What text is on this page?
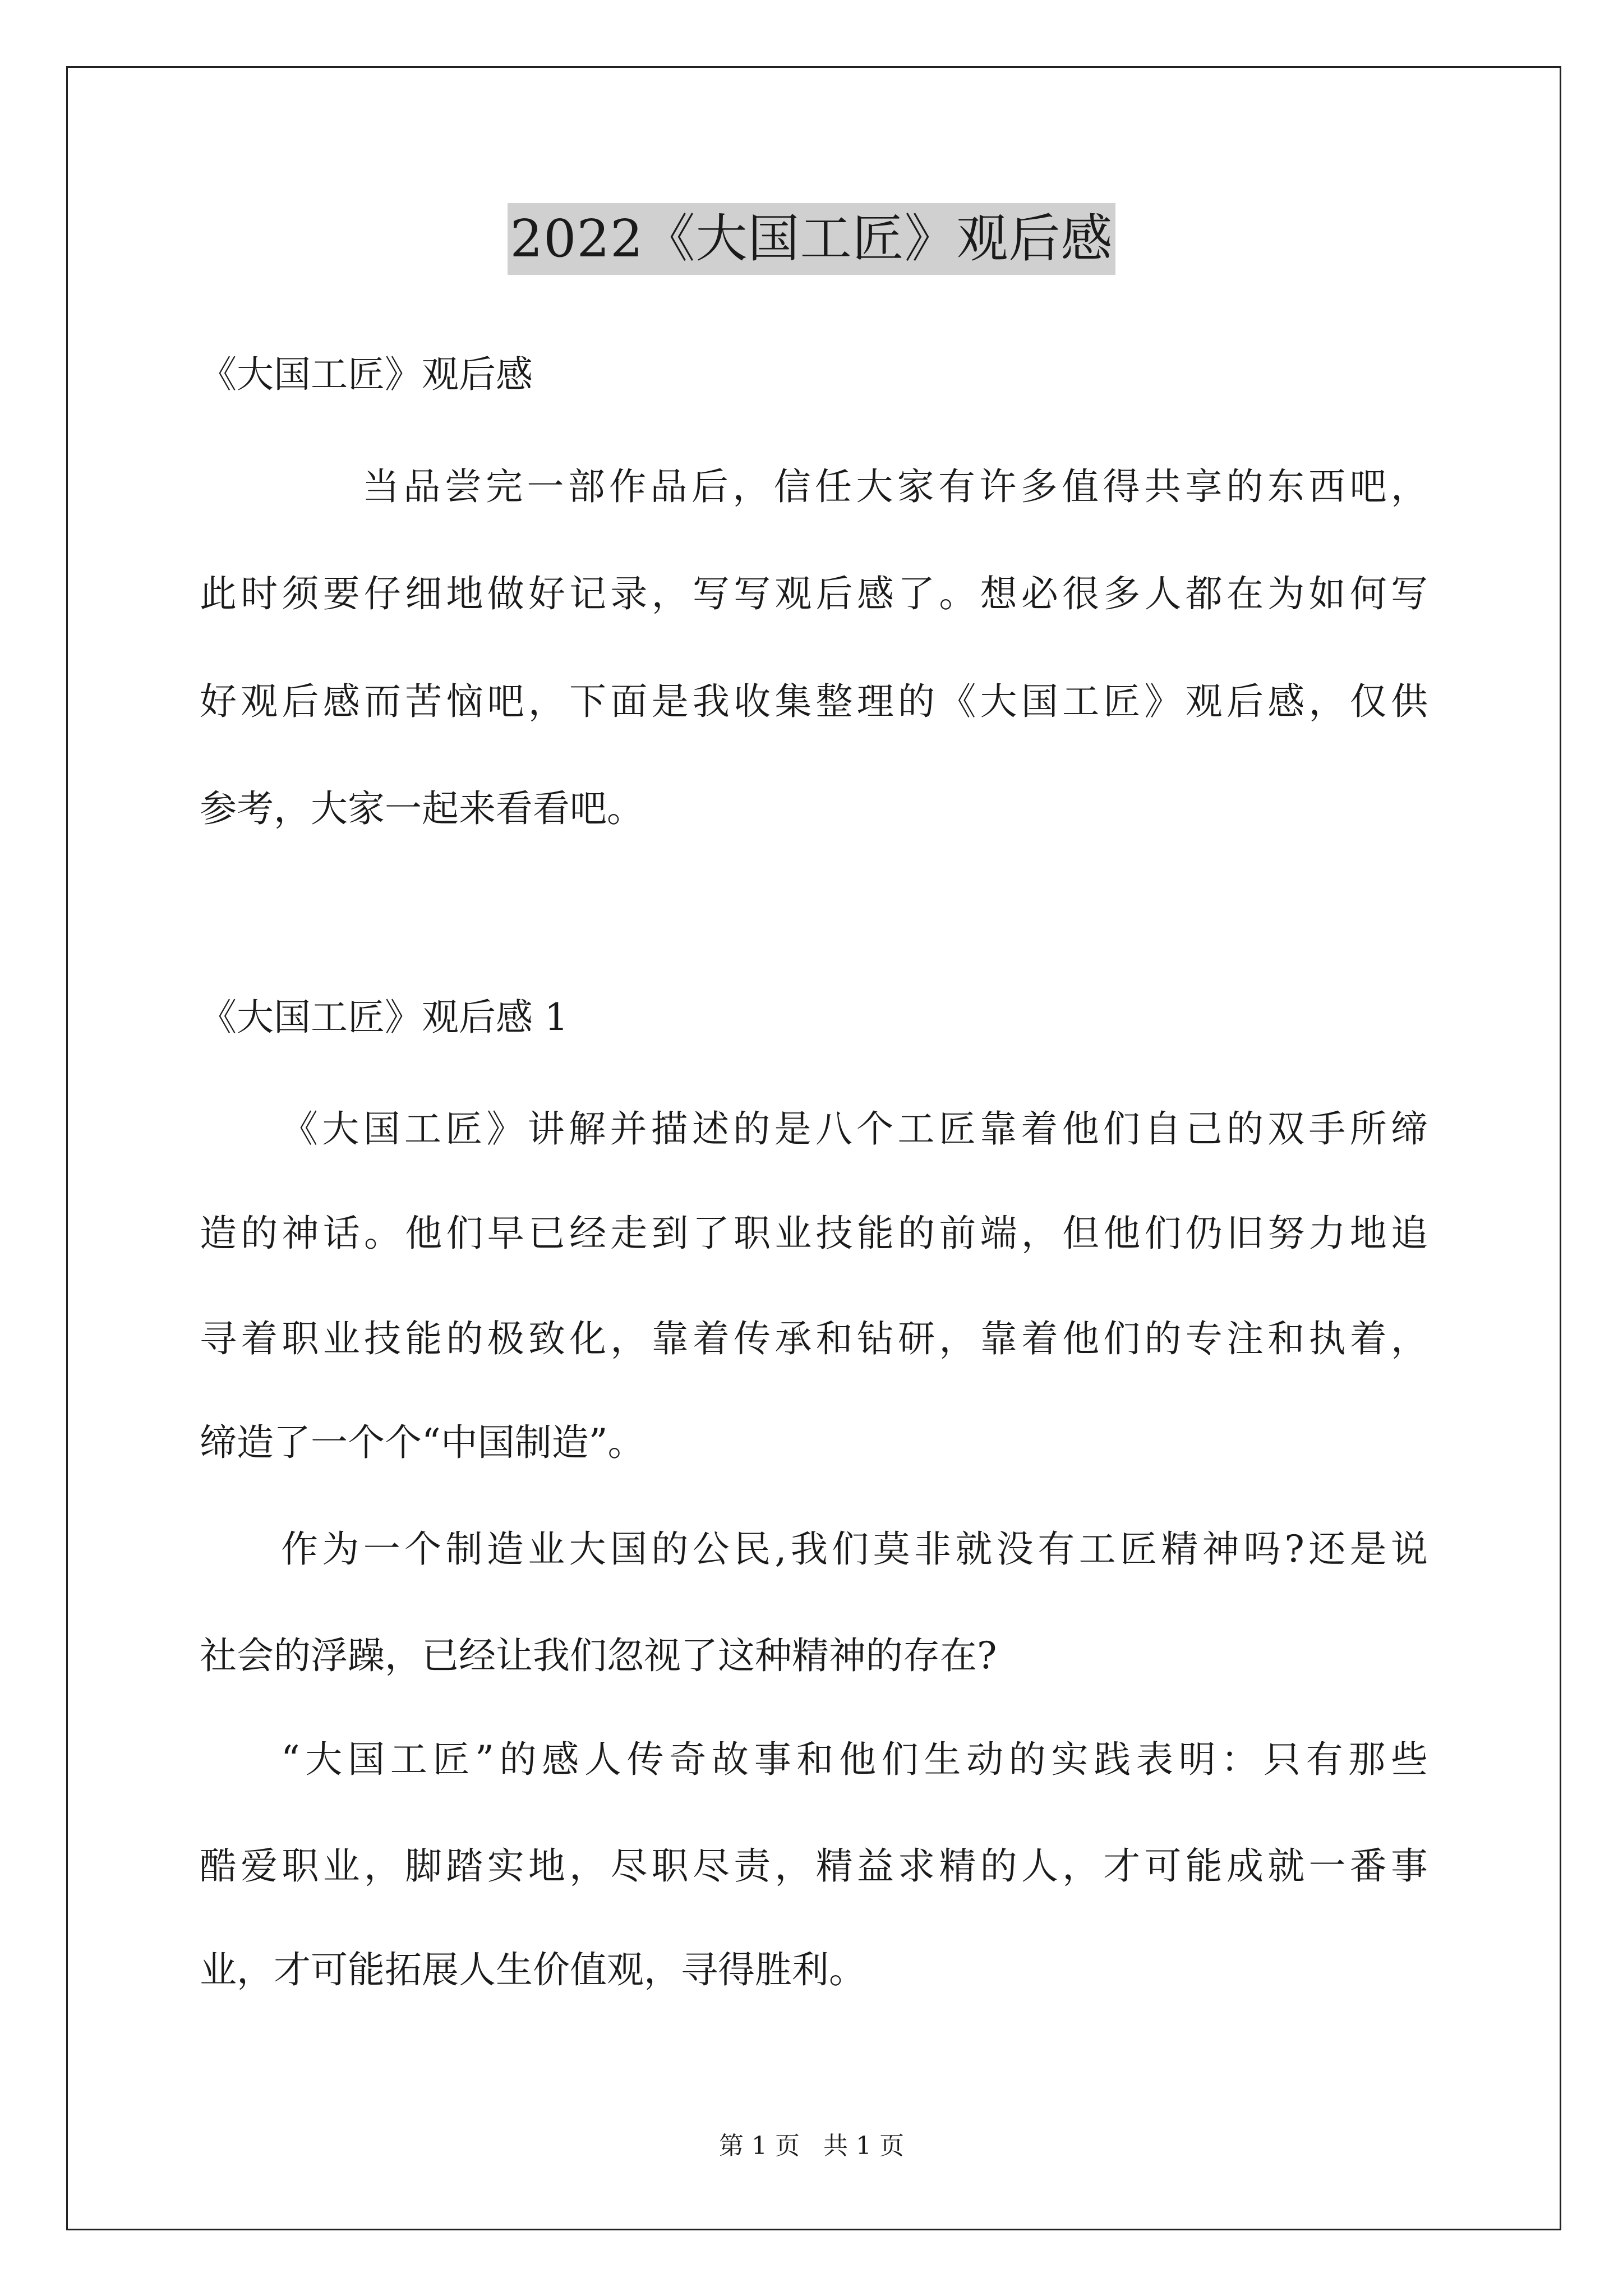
2022《大国工匠》观后感
《大国工匠》观后感
当品尝完一部作品后，信任大家有许多值得共享的东西吧，
此时须要仔细地做好记录，写写观后感了。想必很多人都在为如何写
好观后感而苦恼吧，下面是我收集整理的《大国工匠》观后感，仅供
参考，大家一起来看看吧。
《大国工匠》观后感 1
《大国工匠》讲解并描述的是八个工匠靠着他们自己的双手所缔
造的神话。他们早已经走到了职业技能的前端，但他们仍旧努力地追
寻着职业技能的极致化，靠着传承和钻研，靠着他们的专注和执着，
缔造了一个个“中国制造”。
作为一个制造业大国的公民,我们莫非就没有工匠精神吗?还是说
社会的浮躁，已经让我们忽视了这种精神的存在?
“大国工匠”的感人传奇故事和他们生动的实践表明：只有那些
酷爱职业，脚踏实地，尽职尽责，精益求精的人，才可能成就一番事
业，才可能拓展人生价值观，寻得胜利。
第 1 页   共 1 页
